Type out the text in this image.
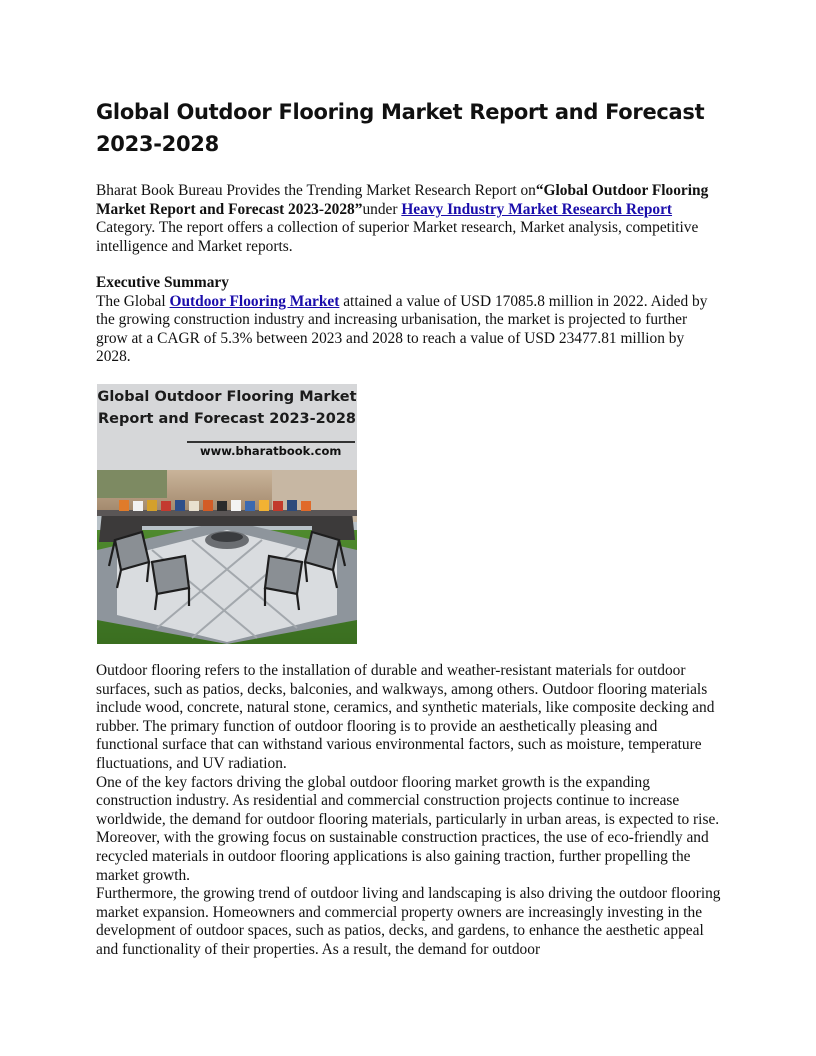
Global Outdoor Flooring Market Report and Forecast 2023-2028

Bharat Book Bureau Provides the Trending Market Research Report on“Global Outdoor Flooring Market Report and Forecast 2023-2028”under Heavy Industry Market Research Report Category. The report offers a collection of superior Market research, Market analysis, competitive intelligence and Market reports.

Executive Summary
The Global Outdoor Flooring Market attained a value of USD 17085.8 million in 2022. Aided by the growing construction industry and increasing urbanisation, the market is projected to further grow at a CAGR of 5.3% between 2023 and 2028 to reach a value of USD 23477.81 million by 2028.

Global Outdoor Flooring Market
Report and Forecast 2023-2028

www.bharatbook.com

Outdoor flooring refers to the installation of durable and weather-resistant materials for outdoor surfaces, such as patios, decks, balconies, and walkways, among others. Outdoor flooring materials include wood, concrete, natural stone, ceramics, and synthetic materials, like composite decking and rubber. The primary function of outdoor flooring is to provide an aesthetically pleasing and functional surface that can withstand various environmental factors, such as moisture, temperature fluctuations, and UV radiation.
One of the key factors driving the global outdoor flooring market growth is the expanding construction industry. As residential and commercial construction projects continue to increase worldwide, the demand for outdoor flooring materials, particularly in urban areas, is expected to rise. Moreover, with the growing focus on sustainable construction practices, the use of eco-friendly and recycled materials in outdoor flooring applications is also gaining traction, further propelling the market growth.
Furthermore, the growing trend of outdoor living and landscaping is also driving the outdoor flooring market expansion. Homeowners and commercial property owners are increasingly investing in the development of outdoor spaces, such as patios, decks, and gardens, to enhance the aesthetic appeal and functionality of their properties. As a result, the demand for outdoor
